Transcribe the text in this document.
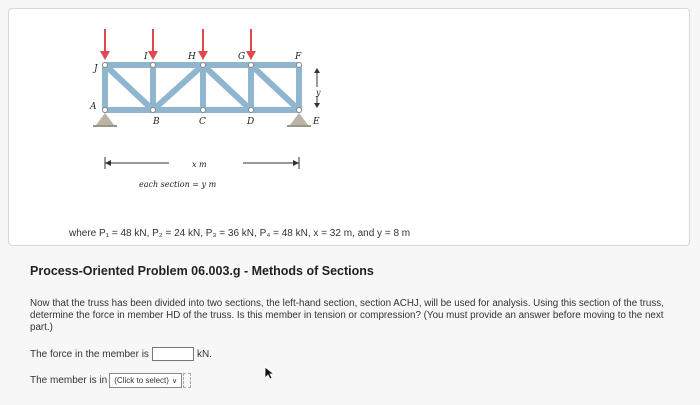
J
I	H	G	F
A
B	C	D	E
y
x m
each section = y m
where P₁ = 48 kN, P₂ = 24 kN, P₃ = 36 kN, P₄ = 48 kN, x = 32 m, and y = 8 m
Process-Oriented Problem 06.003.g - Methods of Sections
Now that the truss has been divided into two sections, the left-hand section, section ACHJ, will be used for analysis. Using this section of the truss, determine the force in member HD of the truss. Is this member in tension or compression? (You must provide an answer before moving to the next part.)
The force in the member is	kN.
The member is in (Click to select) ∨
